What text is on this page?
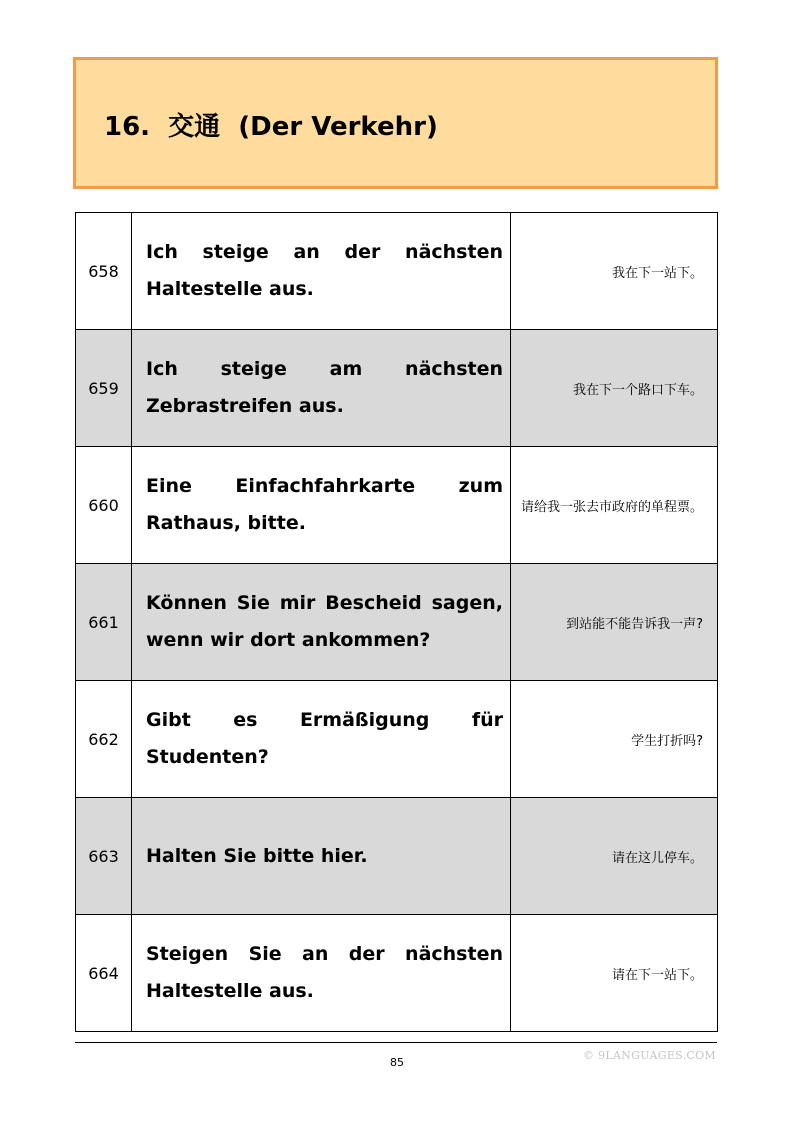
16.  交通  (Der Verkehr)
658	Ich steige an der nächsten Haltestelle aus.	我在下一站下。
659	Ich steige am nächsten Zebrastreifen aus.	我在下一个路口下车。
660	Eine Einfachfahrkarte zum Rathaus, bitte.	请给我一张去市政府的单程票。
661	Können Sie mir Bescheid sagen, wenn wir dort ankommen?	到站能不能告诉我一声?
662	Gibt es Ermäßigung für Studenten?	学生打折吗?
663	Halten Sie bitte hier.	请在这儿停车。
664	Steigen Sie an der nächsten Haltestelle aus.	请在下一站下。
85
© 9LANGUAGES.COM
